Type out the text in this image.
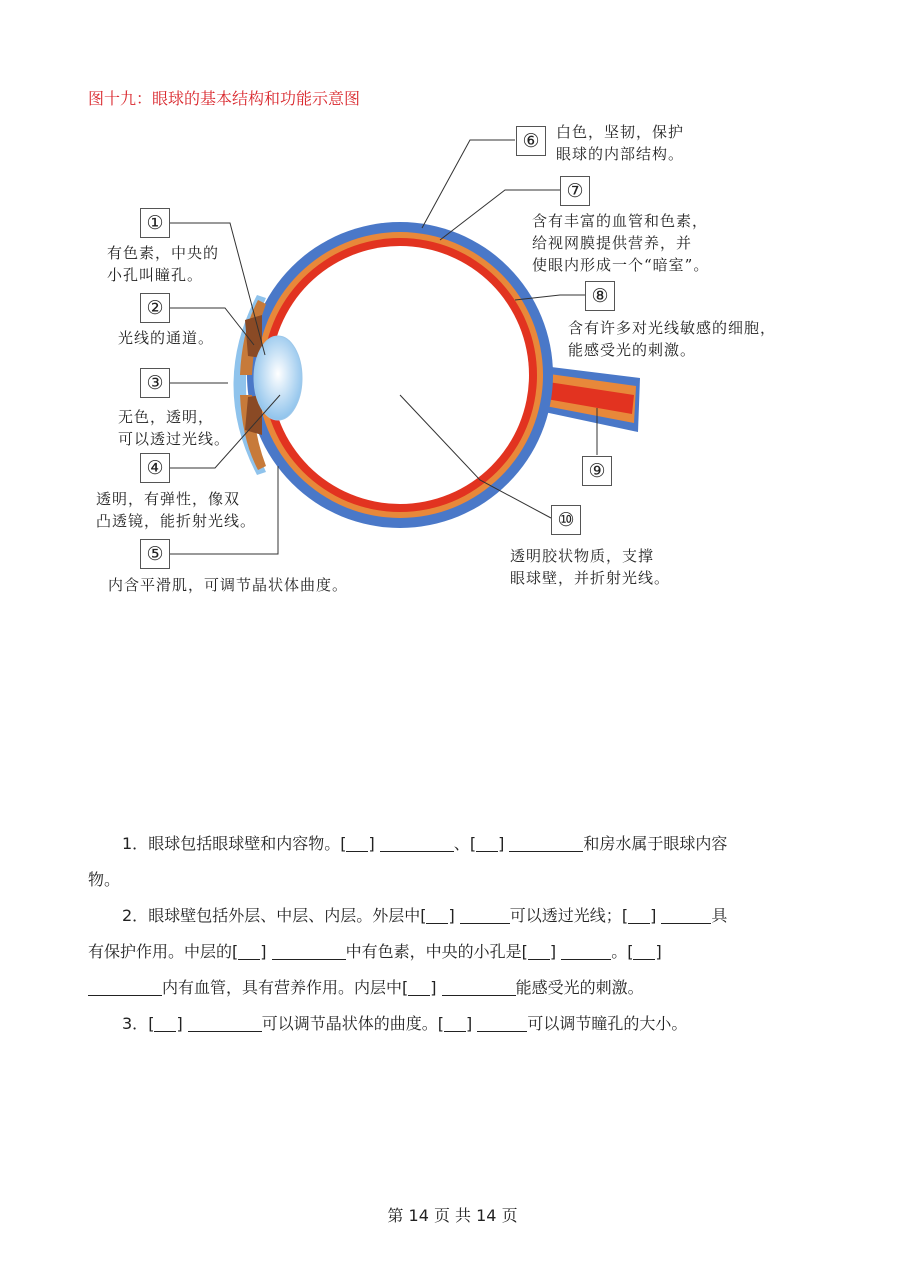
图十九：眼球的基本结构和功能示意图
①
有色素，中央的
小孔叫瞳孔。
②
光线的通道。
③
无色，透明，
可以透过光线。
④
透明，有弹性，像双
凸透镜，能折射光线。
⑤
内含平滑肌，可调节晶状体曲度。
⑥	白色，坚韧，保护
眼球的内部结构。
⑦
含有丰富的血管和色素，
给视网膜提供营养，并
使眼内形成一个“暗室”。
⑧
含有许多对光线敏感的细胞，
能感受光的刺激。
⑨
⑩
透明胶状物质，支撑
眼球壁，并折射光线。
1．眼球包括眼球壁和内容物。[ ]	、[ ]	和房水属于眼球内容
物。
2．眼球壁包括外层、中层、内层。外层中[ ]	可以透过光线；[ ]	具
有保护作用。中层的[ ]	中有色素，中央的小孔是[ ]	。[ ]
内有血管，具有营养作用。内层中[ ]	能感受光的刺激。
3．[ ]	可以调节晶状体的曲度。[ ]	可以调节瞳孔的大小。
第 14 页 共 14 页
